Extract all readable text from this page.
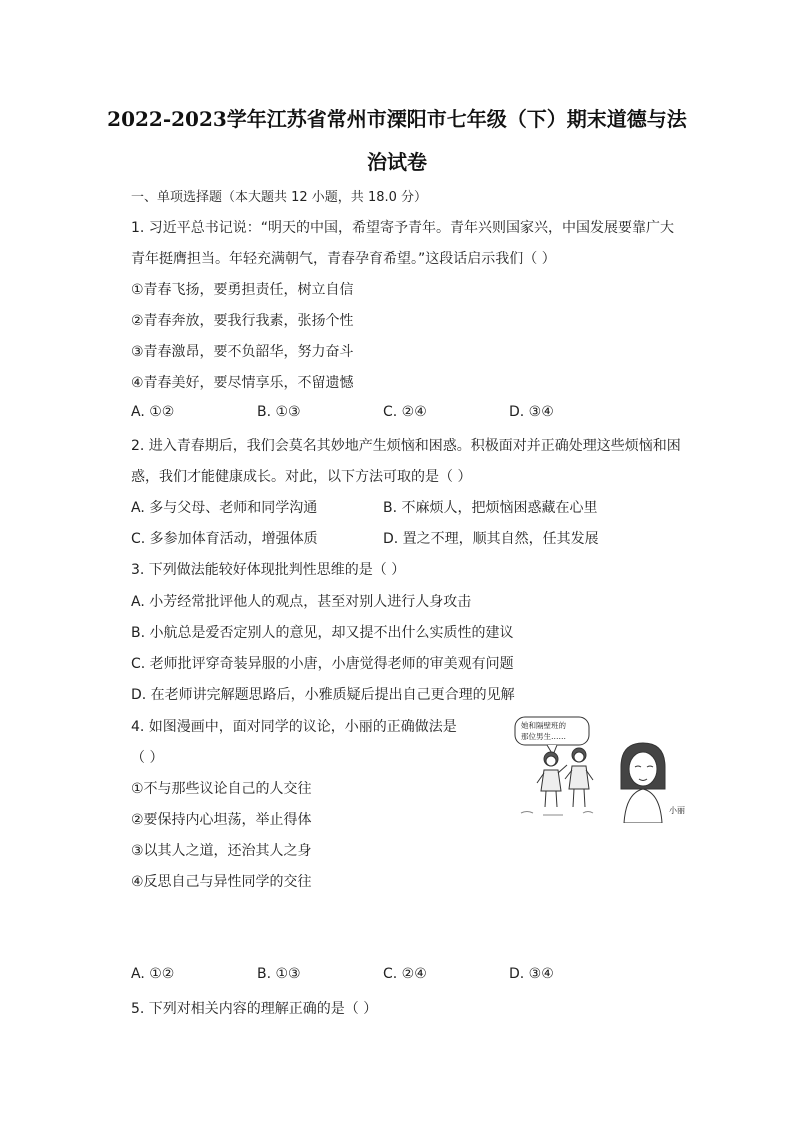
2022-2023学年江苏省常州市溧阳市七年级（下）期末道德与法
治试卷
一、单项选择题（本大题共 12 小题，共 18.0 分）
1. 习近平总书记说：“明天的中国，希望寄予青年。青年兴则国家兴，中国发展要靠广大
青年挺膺担当。年轻充满朝气，青春孕育希望。”这段话启示我们（ ）
①青春飞扬，要勇担责任，树立自信
②青春奔放，要我行我素，张扬个性
③青春激昂，要不负韶华，努力奋斗
④青春美好，要尽情享乐，不留遗憾
A. ①②	B. ①③	C. ②④	D. ③④
2. 进入青春期后，我们会莫名其妙地产生烦恼和困惑。积极面对并正确处理这些烦恼和困
惑，我们才能健康成长。对此，以下方法可取的是（ ）
A. 多与父母、老师和同学沟通	B. 不麻烦人，把烦恼困惑藏在心里
C. 多参加体育活动，增强体质	D. 置之不理，顺其自然，任其发展
3. 下列做法能较好体现批判性思维的是（ ）
A. 小芳经常批评他人的观点，甚至对别人进行人身攻击
B. 小航总是爱否定别人的意见，却又提不出什么实质性的建议
C. 老师批评穿奇装异服的小唐，小唐觉得老师的审美观有问题
D. 在老师讲完解题思路后，小雅质疑后提出自己更合理的见解
4. 如图漫画中，面对同学的议论，小丽的正确做法是
（ ）
①不与那些议论自己的人交往
②要保持内心坦荡，举止得体
③以其人之道，还治其人之身
④反思自己与异性同学的交往
她和隔壁班的
那位男生……
小丽
A. ①②	B. ①③	C. ②④	D. ③④
5. 下列对相关内容的理解正确的是（ ）
